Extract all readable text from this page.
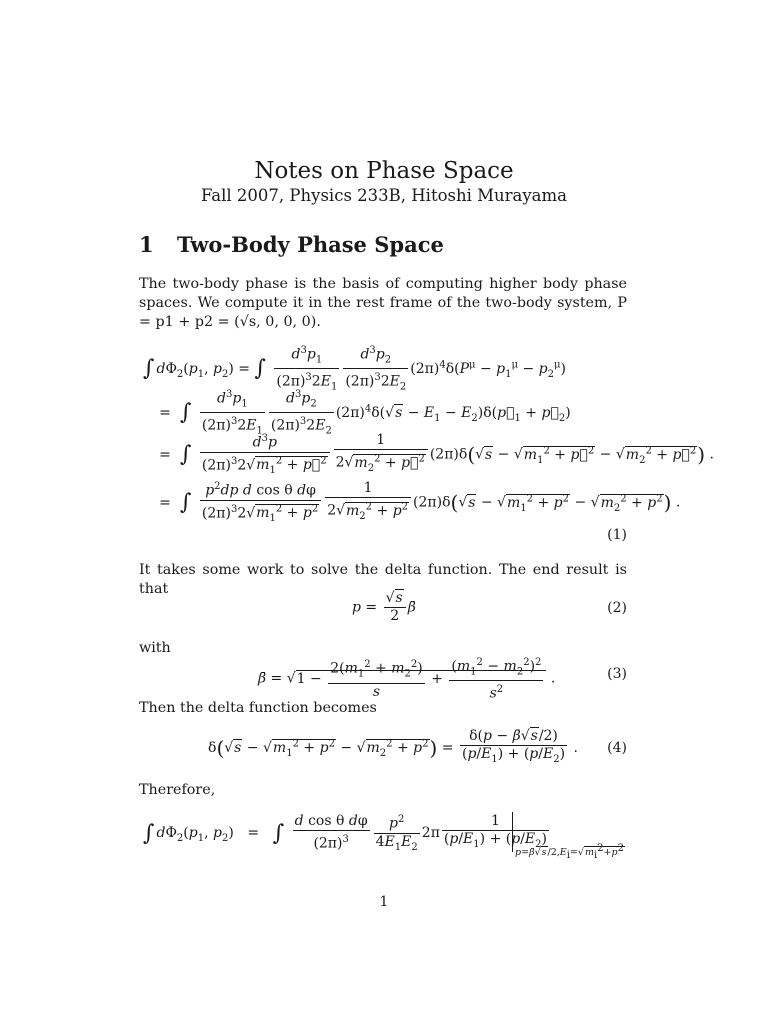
Notes on Phase Space
Fall 2007, Physics 233B, Hitoshi Murayama
1 Two-Body Phase Space
The two-body phase is the basis of computing higher body phase spaces. We compute it in the rest frame of the two-body system, P = p1 + p2 = (√s, 0, 0, 0).
∫ $d\Phi_2(p_1$, $p_2$) = ∫ $\frac{d^3p_1}{(2\pi)^32E_1} \frac{d^3p_2}{(2\pi)^32E_2} (2\pi)^4\delta(P^\mu - p_1^\mu - p_2^\mu)$
= ∫ $\frac{d^3p_1}{(2\pi)^32E_1} \frac{d^3p_2}{(2\pi)^32E_2} (2\pi)^4\delta(√s - E_1$ − $E_2)\delta(p⃗_1$ + $p⃗_2$)
= ∫ $\frac{d^3p}{(2\pi)^32√m_1^2 + p⃗^2} \frac{1}{2√m_2^2 + p⃗^2} (2\pi)\delta(√s - √m_1^2$ + p⃗$^2$ − $√m_2^2$ + p⃗$^2$) .
= ∫ $\frac{p^2dp d \cos \theta d\varphi}{(2\pi)^32√m_1^2 + p^2} \frac{1}{2√m_2^2 + p^2} (2\pi)\delta(√s - √m_1^2 + p^2 - √m_2^2 + p^2)$ .
(1)
It takes some work to solve the delta function. The end result is that
$p = \frac{√s}{2}$ β̄	(2)
with
β̄ = $√1 - \frac{2(m_1^2 + m_2^2)}{s} + \frac{(m_1^2 - m_2^2)^2}{s^2}$ .	(3)
Then the delta function becomes
$\delta(√s - √m_1^2 + p^2 - √m_2^2 + p^2) = \frac{\delta(p - \betā√s/2)}{(p/E_1) + (p/E_2)}$ . (4)
Therefore,
∫ $d\Phi_2(p_1$, $p_2$) = ∫ $\frac{\text{d cos θ dφ}}{(2\pi)^3} \frac{p^2}{4E_1E_2} 2\pi \frac{1}{(p/E_1) + (p/E_2)}$
$p=\betā√s/2,E_i=√m_i^2+p^2$
1
